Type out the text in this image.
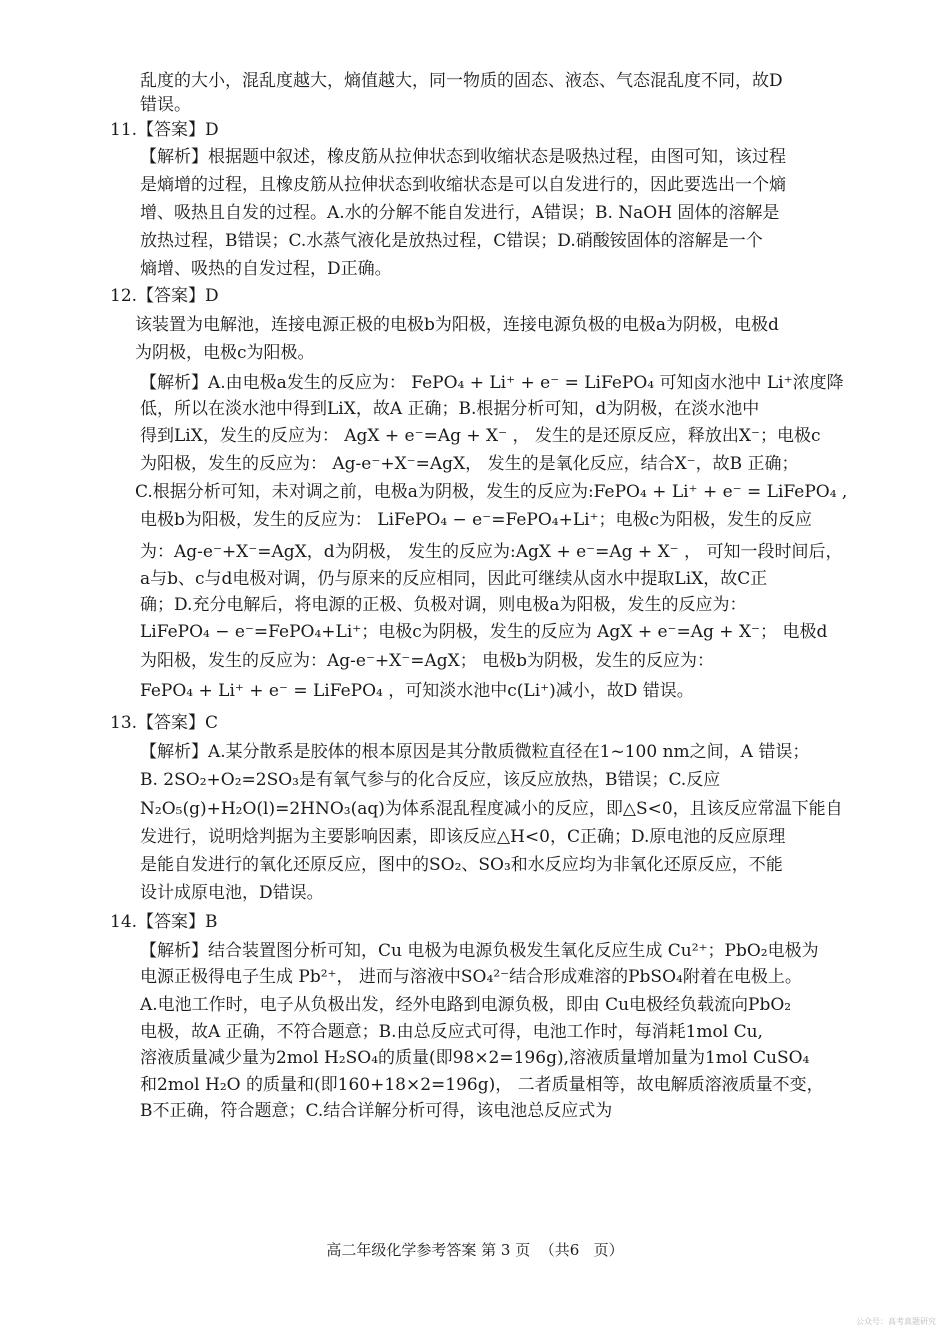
乱度的大小，混乱度越大，熵值越大，同一物质的固态、液态、气态混乱度不同，故D
错误。
11.【答案】D
【解析】根据题中叙述，橡皮筋从拉伸状态到收缩状态是吸热过程，由图可知，该过程
是熵增的过程，且橡皮筋从拉伸状态到收缩状态是可以自发进行的，因此要选出一个熵
增、吸热且自发的过程。A.水的分解不能自发进行，A错误；B. NaOH 固体的溶解是
放热过程，B错误；C.水蒸气液化是放热过程，C错误；D.硝酸铵固体的溶解是一个
熵增、吸热的自发过程，D正确。
12.【答案】D
该装置为电解池，连接电源正极的电极b为阳极，连接电源负极的电极a为阴极，电极d
为阴极，电极c为阳极。
【解析】A.由电极a发生的反应为： FePO₄ + Li⁺ + e⁻ = LiFePO₄ 可知卤水池中 Li⁺浓度降
低，所以在淡水池中得到LiX，故A 正确；B.根据分析可知，d为阴极，在淡水池中
得到LiX，发生的反应为： AgX + e⁻=Ag + X⁻ ， 发生的是还原反应，释放出X⁻；电极c
为阳极，发生的反应为： Ag-e⁻+X⁻=AgX， 发生的是氧化反应，结合X⁻，故B 正确；
C.根据分析可知，未对调之前，电极a为阴极，发生的反应为:FePO₄ + Li⁺ + e⁻ = LiFePO₄ ,
电极b为阳极，发生的反应为： LiFePO₄ − e⁻=FePO₄+Li⁺；电极c为阳极，发生的反应
为：Ag-e⁻+X⁻=AgX，d为阴极， 发生的反应为:AgX + e⁻=Ag + X⁻ ， 可知一段时间后，
a与b、c与d电极对调，仍与原来的反应相同，因此可继续从卤水中提取LiX，故C正
确；D.充分电解后，将电源的正极、负极对调，则电极a为阳极，发生的反应为：
LiFePO₄ − e⁻=FePO₄+Li⁺；电极c为阴极，发生的反应为 AgX + e⁻=Ag + X⁻； 电极d
为阳极，发生的反应为：Ag-e⁻+X⁻=AgX； 电极b为阴极，发生的反应为：
FePO₄ + Li⁺ + e⁻ = LiFePO₄ ，可知淡水池中c(Li⁺)减小，故D 错误。
13.【答案】C
【解析】A.某分散系是胶体的根本原因是其分散质微粒直径在1~100 nm之间，A 错误；
B. 2SO₂+O₂=2SO₃是有氧气参与的化合反应，该反应放热，B错误；C.反应
N₂O₅(g)+H₂O(l)=2HNO₃(aq)为体系混乱程度减小的反应，即△S<0，且该反应常温下能自
发进行，说明焓判据为主要影响因素，即该反应△H<0，C正确；D.原电池的反应原理
是能自发进行的氧化还原反应，图中的SO₂、SO₃和水反应均为非氧化还原反应，不能
设计成原电池，D错误。
14.【答案】B
【解析】结合装置图分析可知，Cu 电极为电源负极发生氧化反应生成 Cu²⁺；PbO₂电极为
电源正极得电子生成 Pb²⁺， 进而与溶液中SO₄²⁻结合形成难溶的PbSO₄附着在电极上。
A.电池工作时，电子从负极出发，经外电路到电源负极，即由 Cu电极经负载流向PbO₂
电极，故A 正确，不符合题意；B.由总反应式可得，电池工作时，每消耗1mol Cu,
溶液质量减少量为2mol H₂SO₄的质量(即98×2=196g),溶液质量增加量为1mol CuSO₄
和2mol H₂O 的质量和(即160+18×2=196g)， 二者质量相等，故电解质溶液质量不变，
B不正确，符合题意；C.结合详解分析可得，该电池总反应式为
高二年级化学参考答案 第 3 页  （共6   页）
公众号：高考真题研究
